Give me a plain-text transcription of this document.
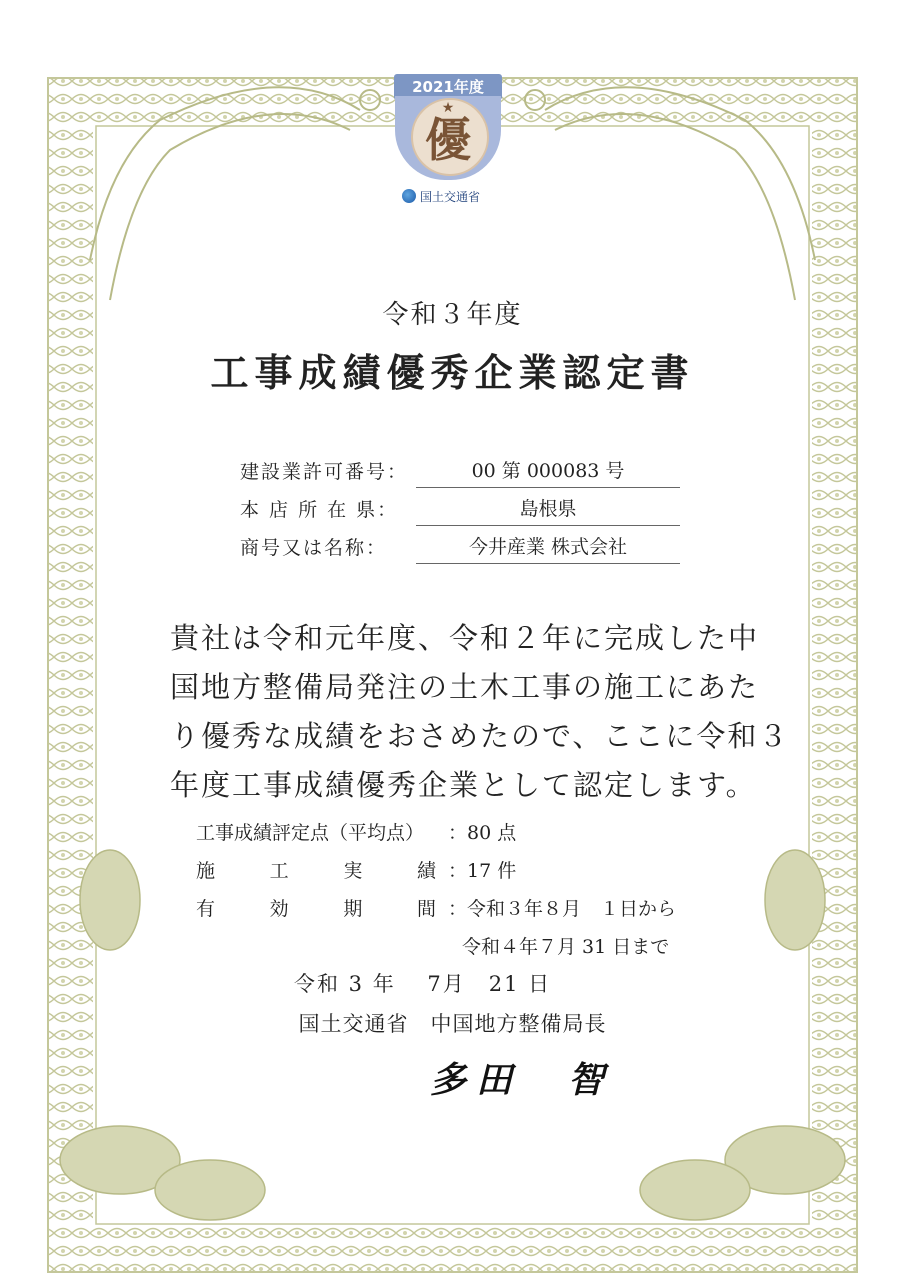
2021年度
★
優
国土交通省
令和３年度
工事成績優秀企業認定書
建設業許可番号：	00 第 000083 号
本 店 所 在 県：	島根県
商号又は名称：	今井産業 株式会社

貴社は令和元年度、令和２年に完成した中

国地方整備局発注の土木工事の施工にあた

り優秀な成績をおさめたので、ここに令和３

年度工事成績優秀企業として認定します。

工事成績評定点（平均点）	：80 点
施	工	実	績 ：17 件
有	効	期	間 ：令和３年８月　１日から
令和４年７月 31 日まで
令和 3 年　 7月　21 日
国土交通省　中国地方整備局長
多田　智
